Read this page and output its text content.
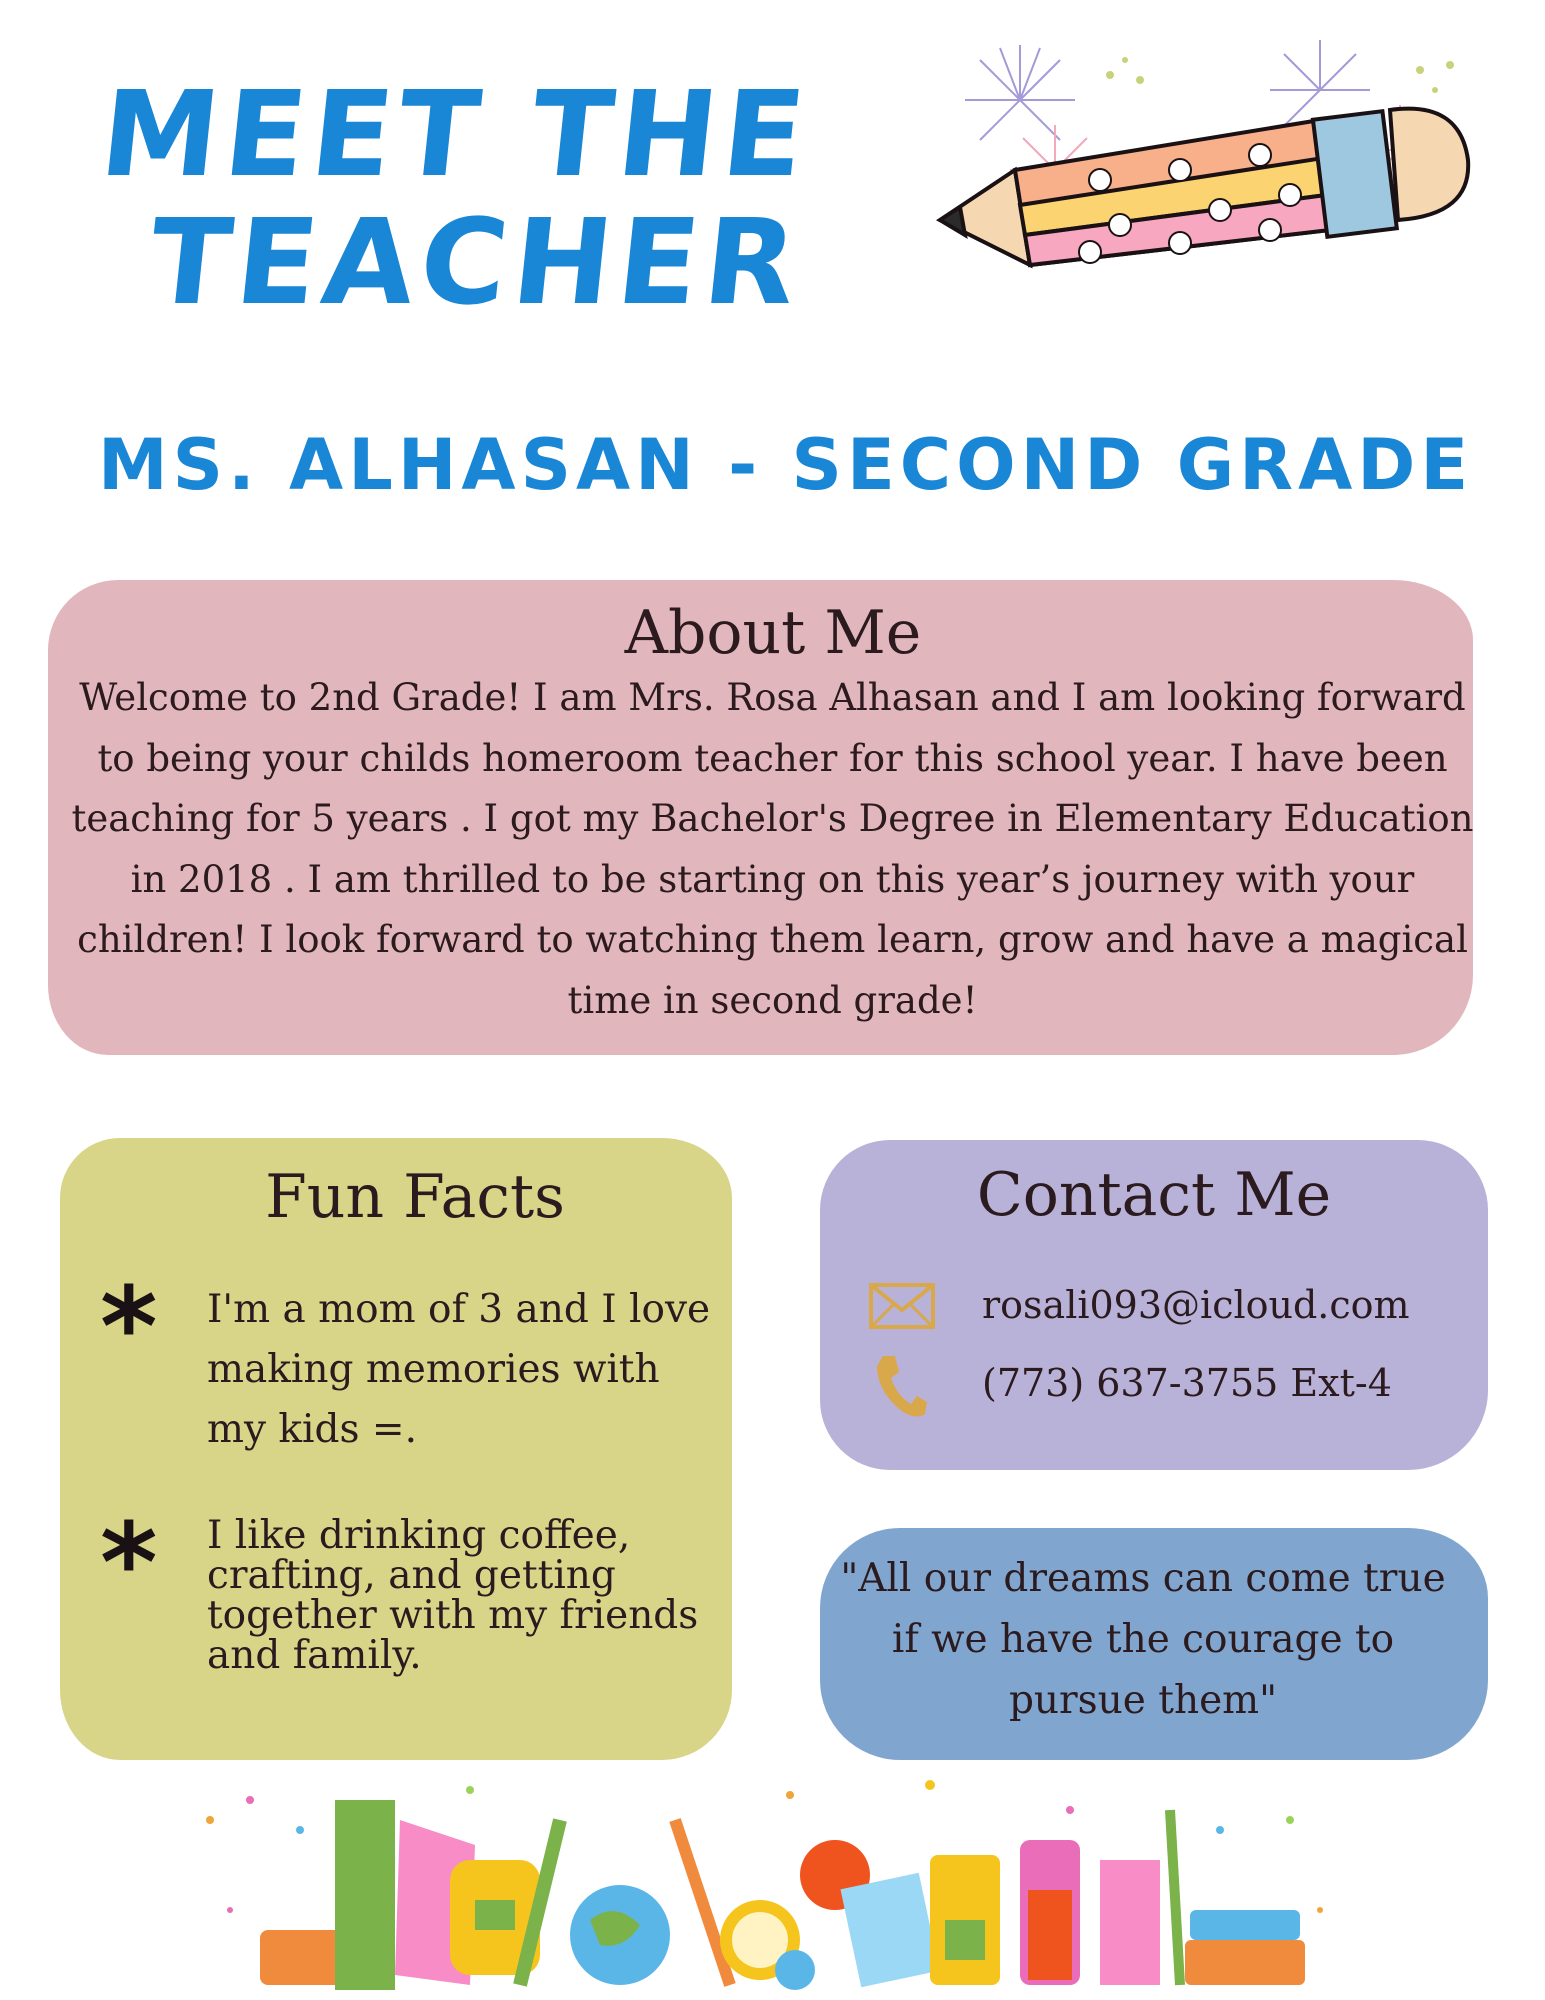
MEET THE
TEACHER
MS. ALHASAN - SECOND GRADE
About Me
Welcome to 2nd Grade! I am Mrs. Rosa Alhasan and I am looking forward to being your childs homeroom teacher for this school year. I have been teaching for 5 years . I got my Bachelor's Degree in Elementary Education in 2018 . I am thrilled to be starting on this year’s journey with your children! I look forward to watching them learn, grow and have a magical time in second grade!
Fun Facts
* I'm a mom of 3 and I love making memories with my kids =.
* I like drinking coffee, crafting, and getting together with my friends and family.
Contact Me
rosali093@icloud.com
(773) 637-3755 Ext-4
"All our dreams can come true if we have the courage to pursue them"
